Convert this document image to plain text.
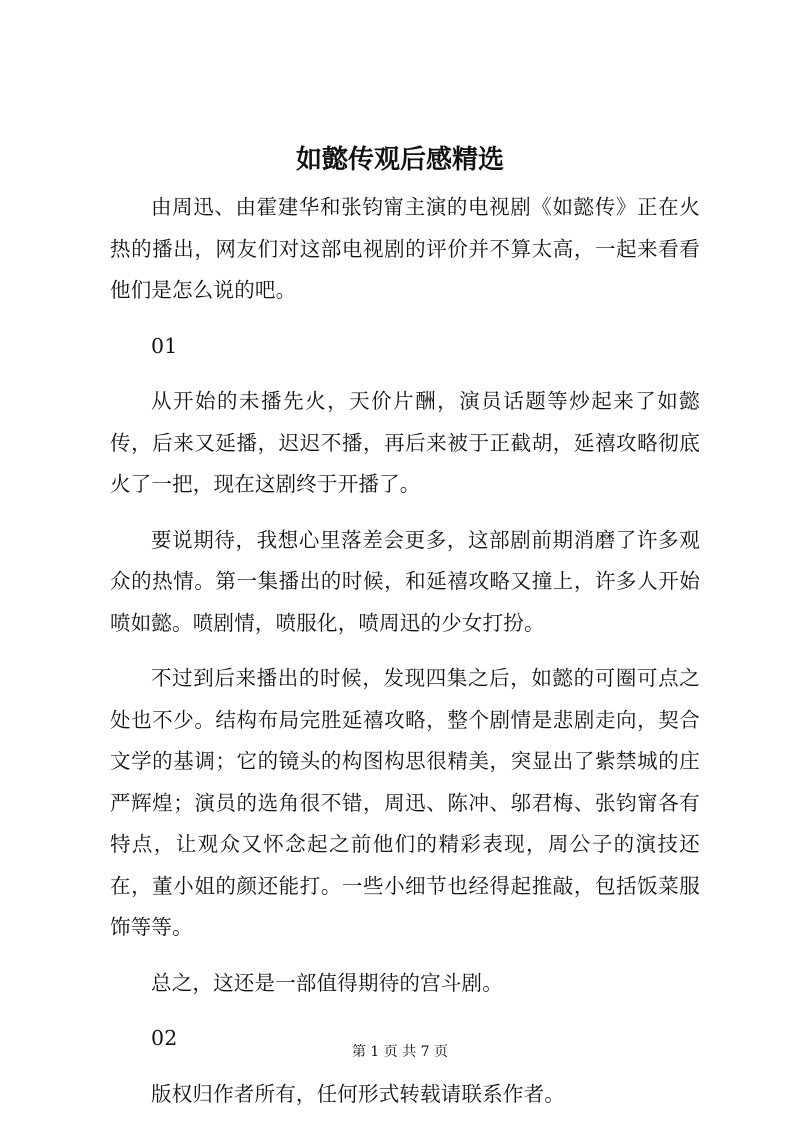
如懿传观后感精选

由周迅、由霍建华和张钧甯主演的电视剧《如懿传》正在火热的播出，网友们对这部电视剧的评价并不算太高，一起来看看他们是怎么说的吧。

01

从开始的未播先火，天价片酬，演员话题等炒起来了如懿传，后来又延播，迟迟不播，再后来被于正截胡，延禧攻略彻底火了一把，现在这剧终于开播了。

要说期待，我想心里落差会更多，这部剧前期消磨了许多观众的热情。第一集播出的时候，和延禧攻略又撞上，许多人开始喷如懿。喷剧情，喷服化，喷周迅的少女打扮。

不过到后来播出的时候，发现四集之后，如懿的可圈可点之处也不少。结构布局完胜延禧攻略，整个剧情是悲剧走向，契合文学的基调；它的镜头的构图构思很精美，突显出了紫禁城的庄严辉煌；演员的选角很不错，周迅、陈冲、邬君梅、张钧甯各有特点，让观众又怀念起之前他们的精彩表现，周公子的演技还在，董小姐的颜还能打。一些小细节也经得起推敲，包括饭菜服饰等等。

总之，这还是一部值得期待的宫斗剧。

02

版权归作者所有，任何形式转载请联系作者。

第 1 页 共 7 页
